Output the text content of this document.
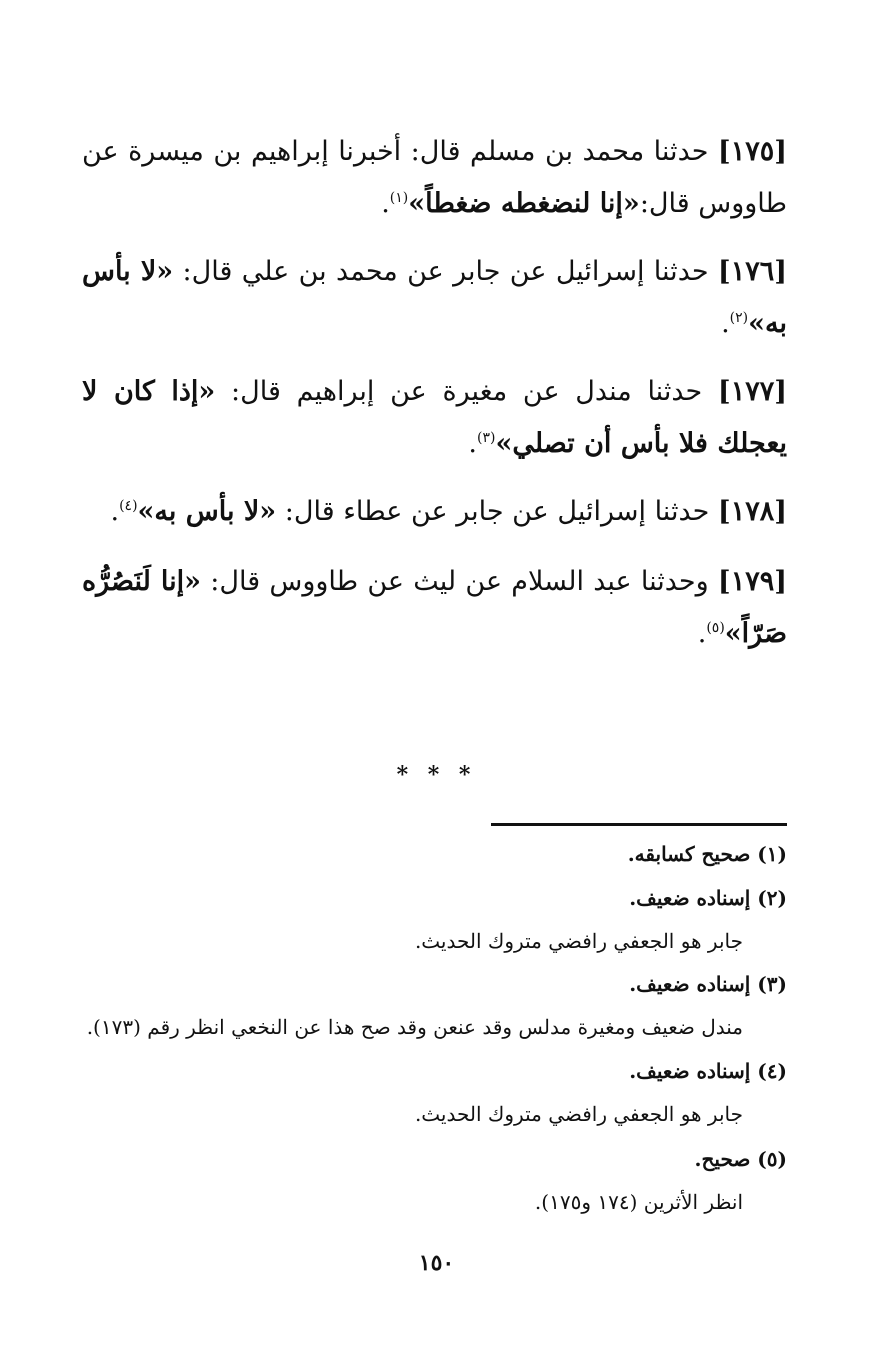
[١٧٥] حدثنا محمد بن مسلم قال: أخبرنا إبراهيم بن ميسرة عن طاووس قال:«إنا لنضغطه ضغطاً»$^{(١)}$.

[١٧٦] حدثنا إسرائيل عن جابر عن محمد بن علي قال: «لا بأس به»$^{(٢)}$.

[١٧٧] حدثنا مندل عن مغيرة عن إبراهيم قال: «إذا كان لا يعجلك فلا بأس أن تصلي»$^{(٣)}$.

[١٧٨] حدثنا إسرائيل عن جابر عن عطاء قال: «لا بأس به»$^{(٤)}$.

[١٧٩] وحدثنا عبد السلام عن ليث عن طاووس قال: «إنا لَنَصُرُّه صَرّاً»$^{(٥)}$.

* * *

(١) صحيح كسابقه.

(٢) إسناده ضعيف.

جابر هو الجعفي رافضي متروك الحديث.

(٣) إسناده ضعيف.

مندل ضعيف ومغيرة مدلس وقد عنعن وقد صح هذا عن النخعي انظر رقم (١٧٣).

(٤) إسناده ضعيف.

جابر هو الجعفي رافضي متروك الحديث.

(٥) صحيح.

انظر الأثرين (١٧٤ و١٧٥).

١٥٠
